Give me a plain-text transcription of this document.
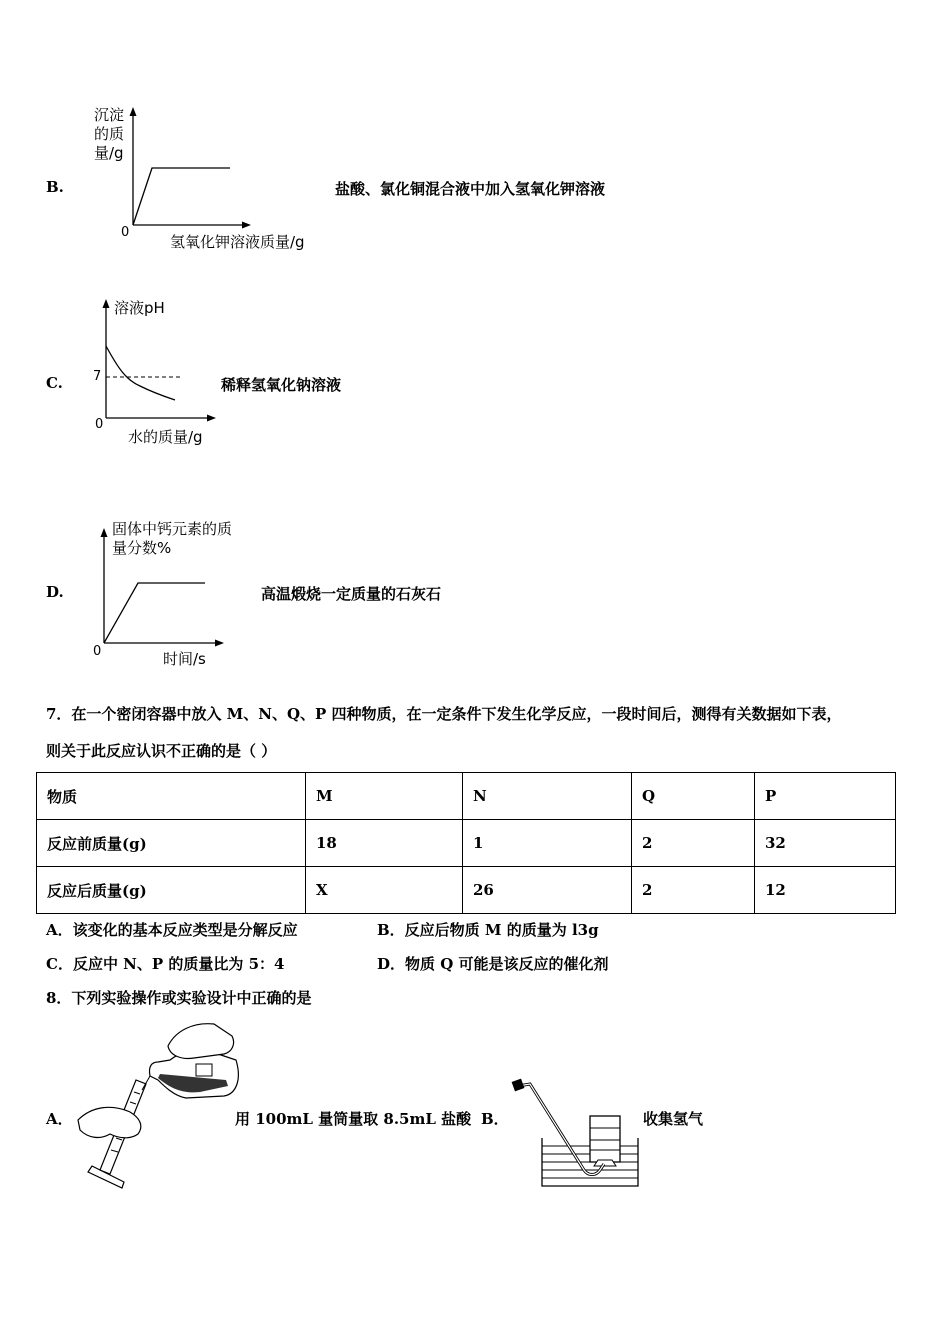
B.
沉淀
的质
量/g
0
氢氧化钾溶液质量/g
盐酸、氯化铜混合液中加入氢氧化钾溶液
C.
溶液pH
7
0
水的质量/g
稀释氢氧化钠溶液
D.
固体中钙元素的质
量分数%
0	时间/s
高温煅烧一定质量的石灰石
7．在一个密闭容器中放入 M、N、Q、P 四种物质，在一定条件下发生化学反应，一段时间后，测得有关数据如下表，
则关于此反应认识不正确的是（ ）
物质	M	N	Q	P
反应前质量(g)	18	1	2	32
反应后质量(g)	X	26	2	12
A．该变化的基本反应类型是分解反应	B．反应后物质 M 的质量为 l3g
C．反应中 N、P 的质量比为 5：4	D．物质 Q 可能是该反应的催化剂
8．下列实验操作或实验设计中正确的是
A．	用 100mL 量筒量取 8.5mL 盐酸 B．	收集氢气
